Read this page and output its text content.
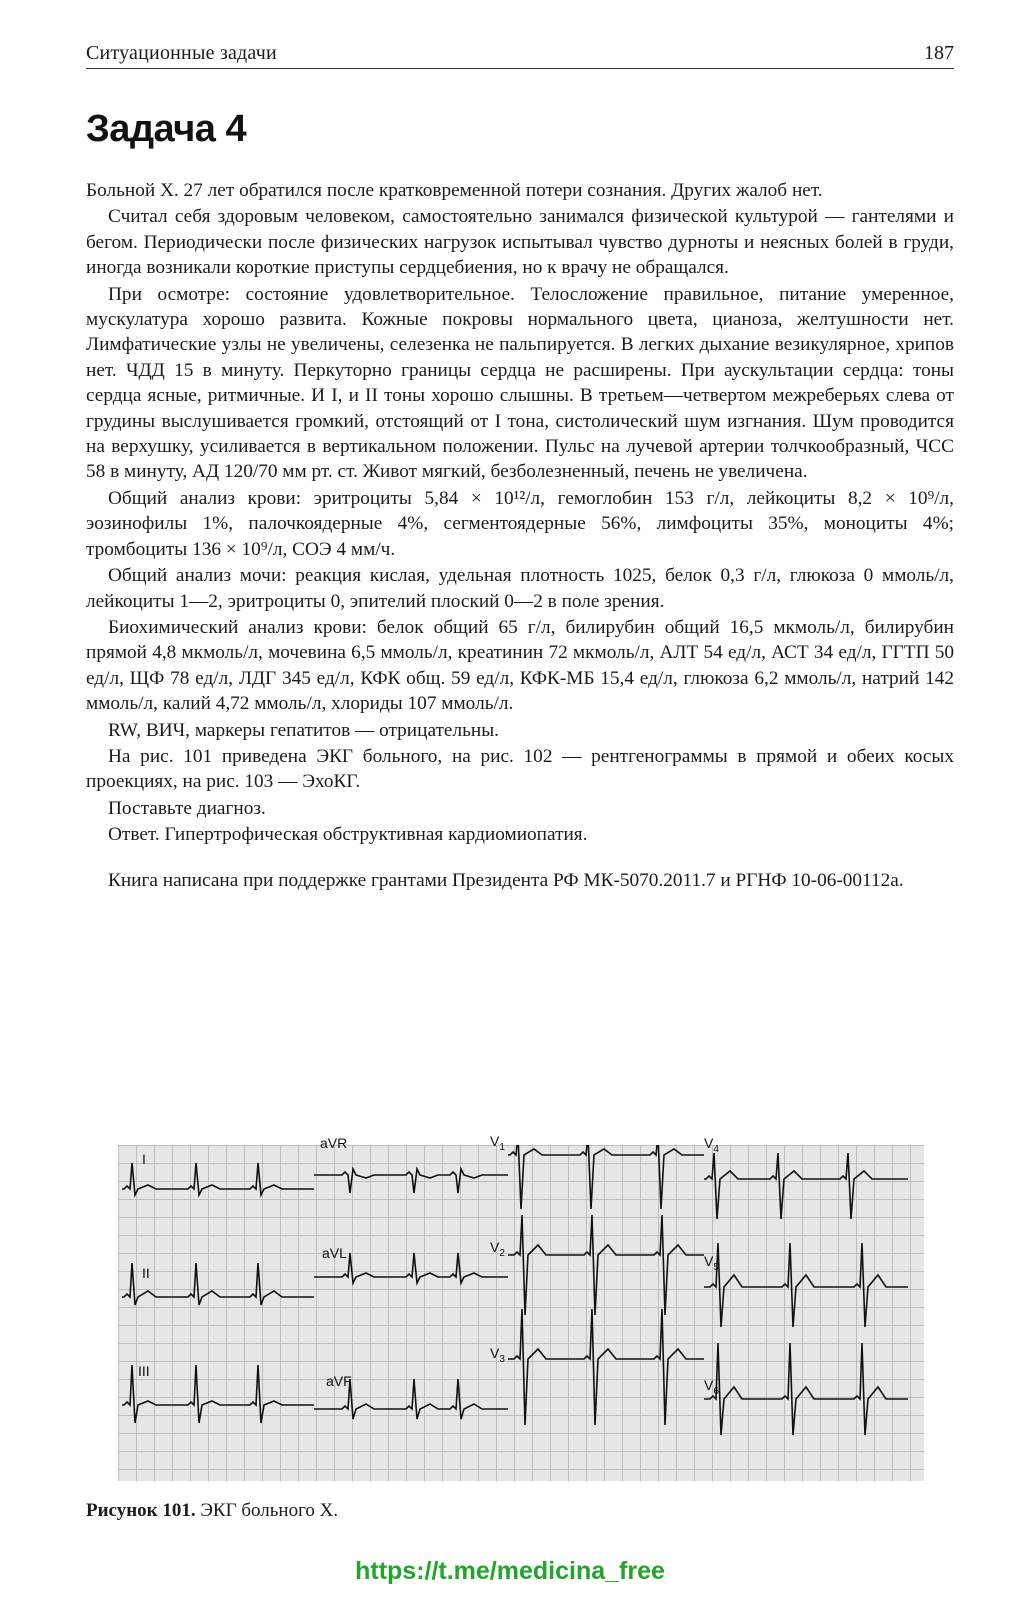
Ситуационные задачи	187
Задача 4

Больной Х. 27 лет обратился после кратковременной потери сознания. Других жалоб нет.

Считал себя здоровым человеком, самостоятельно занимался физической культурой — гантелями и бегом. Периодически после физических нагрузок испытывал чувство дурноты и неясных болей в груди, иногда возникали короткие приступы сердцебиения, но к врачу не обращался.

При осмотре: состояние удовлетворительное. Телосложение правильное, питание умеренное, мускулатура хорошо развита. Кожные покровы нормального цвета, цианоза, желтушности нет. Лимфатические узлы не увеличены, селезенка не пальпируется. В легких дыхание везикулярное, хрипов нет. ЧДД 15 в минуту. Перкуторно границы сердца не расширены. При аускультации сердца: тоны сердца ясные, ритмичные. И I, и II тоны хорошо слышны. В третьем—четвертом межреберьях слева от грудины выслушивается громкий, отстоящий от I тона, систолический шум изгнания. Шум проводится на верхушку, усиливается в вертикальном положении. Пульс на лучевой артерии толчкообразный, ЧСС 58 в минуту, АД 120/70 мм рт. ст. Живот мягкий, безболезненный, печень не увеличена.

Общий анализ крови: эритроциты 5,84 × 10¹²/л, гемоглобин 153 г/л, лейкоциты 8,2 × 10⁹/л, эозинофилы 1%, палочкоядерные 4%, сегментоядерные 56%, лимфоциты 35%, моноциты 4%; тромбоциты 136 × 10⁹/л, СОЭ 4 мм/ч.

Общий анализ мочи: реакция кислая, удельная плотность 1025, белок 0,3 г/л, глюкоза 0 ммоль/л, лейкоциты 1—2, эритроциты 0, эпителий плоский 0—2 в поле зрения.

Биохимический анализ крови: белок общий 65 г/л, билирубин общий 16,5 мкмоль/л, билирубин прямой 4,8 мкмоль/л, мочевина 6,5 ммоль/л, креатинин 72 мкмоль/л, АЛТ 54 ед/л, АСТ 34 ед/л, ГГТП 50 ед/л, ЩФ 78 ед/л, ЛДГ 345 ед/л, КФК общ. 59 ед/л, КФК-МБ 15,4 ед/л, глюкоза 6,2 ммоль/л, натрий 142 ммоль/л, калий 4,72 ммоль/л, хлориды 107 ммоль/л.

RW, ВИЧ, маркеры гепатитов — отрицательны.

На рис. 101 приведена ЭКГ больного, на рис. 102 — рентгенограммы в прямой и обеих косых проекциях, на рис. 103 — ЭхоКГ.

Поставьте диагноз.

Ответ. Гипертрофическая обструктивная кардиомиопатия.

Книга написана при поддержке грантами Президента РФ МК-5070.2011.7 и РГНФ 10-06-00112а.

I
II
III
aVR
aVL
aVF
$V_1$
$V_2$
$V_3$
$V_4$
$V_5$
$V_6$
Рисунок 101. ЭКГ больного Х.
https://t.me/medicina_free
